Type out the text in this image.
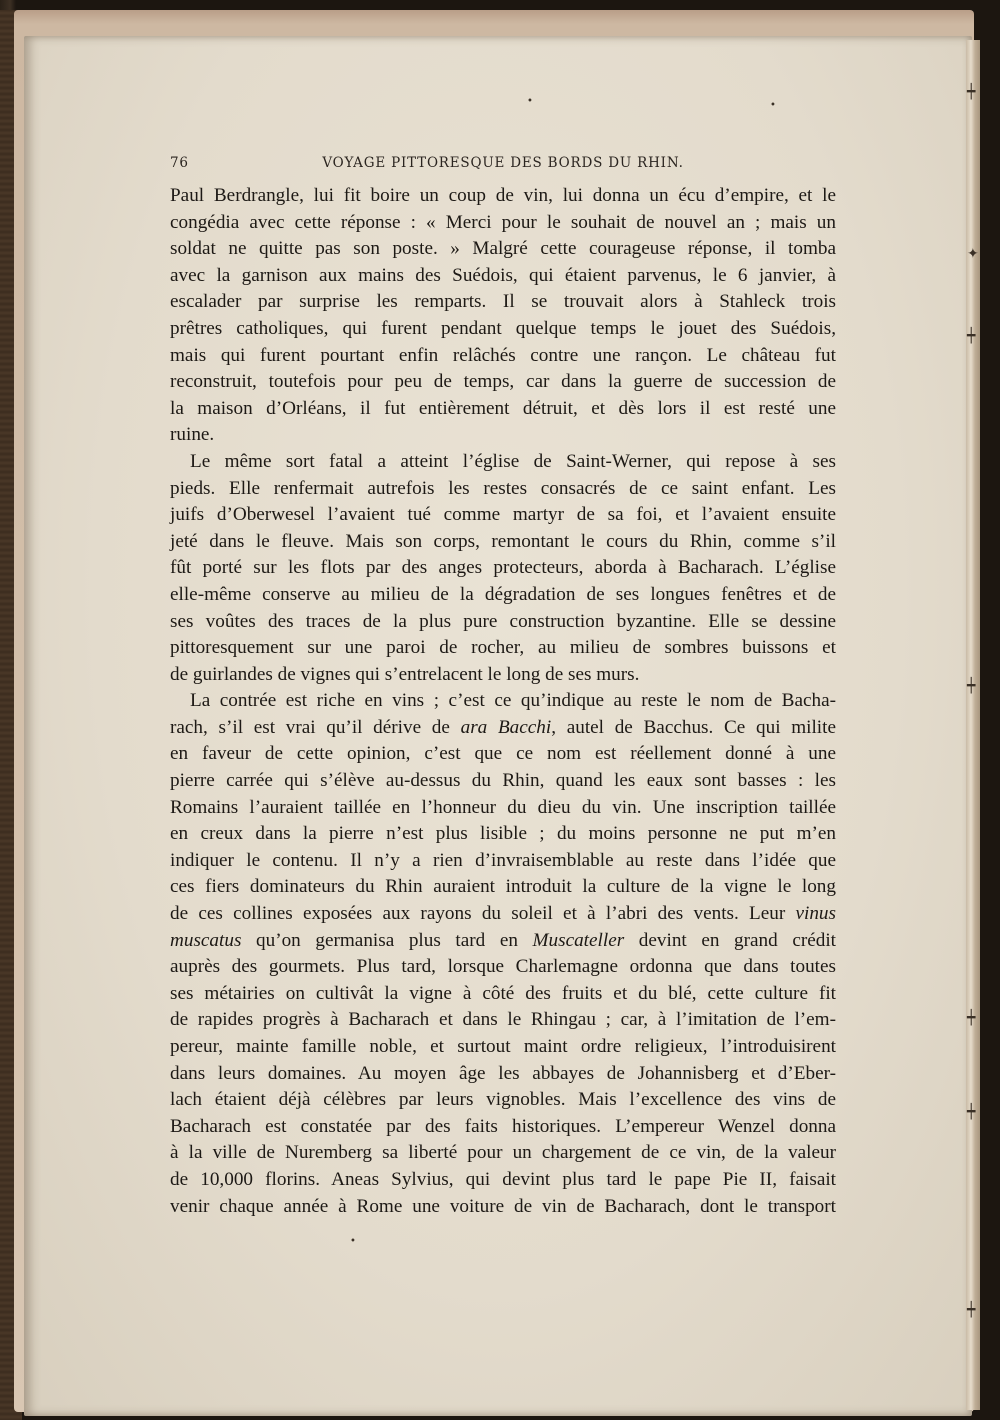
┿
✦
┿
┿
┿
┿
┿
•	•
•
76	VOYAGE PITTORESQUE DES BORDS DU RHIN.
Paul Berdrangle, lui fit boire un coup de vin, lui donna un écu d’empire, et le
congédia avec cette réponse : « Merci pour le souhait de nouvel an ; mais un
soldat ne quitte pas son poste. » Malgré cette courageuse réponse, il tomba
avec la garnison aux mains des Suédois, qui étaient parvenus, le 6 janvier, à
escalader par surprise les remparts. Il se trouvait alors à Stahleck trois
prêtres catholiques, qui furent pendant quelque temps le jouet des Suédois,
mais qui furent pourtant enfin relâchés contre une rançon. Le château fut
reconstruit, toutefois pour peu de temps, car dans la guerre de succession de
la maison d’Orléans, il fut entièrement détruit, et dès lors il est resté une
ruine.
Le même sort fatal a atteint l’église de Saint-Werner, qui repose à ses
pieds. Elle renfermait autrefois les restes consacrés de ce saint enfant. Les
juifs d’Oberwesel l’avaient tué comme martyr de sa foi, et l’avaient ensuite
jeté dans le fleuve. Mais son corps, remontant le cours du Rhin, comme s’il
fût porté sur les flots par des anges protecteurs, aborda à Bacharach. L’église
elle-même conserve au milieu de la dégradation de ses longues fenêtres et de
ses voûtes des traces de la plus pure construction byzantine. Elle se dessine
pittoresquement sur une paroi de rocher, au milieu de sombres buissons et
de guirlandes de vignes qui s’entrelacent le long de ses murs.
La contrée est riche en vins ; c’est ce qu’indique au reste le nom de Bacha-
rach, s’il est vrai qu’il dérive de ara Bacchi, autel de Bacchus. Ce qui milite
en faveur de cette opinion, c’est que ce nom est réellement donné à une
pierre carrée qui s’élève au-dessus du Rhin, quand les eaux sont basses : les
Romains l’auraient taillée en l’honneur du dieu du vin. Une inscription taillée
en creux dans la pierre n’est plus lisible ; du moins personne ne put m’en
indiquer le contenu. Il n’y a rien d’invraisemblable au reste dans l’idée que
ces fiers dominateurs du Rhin auraient introduit la culture de la vigne le long
de ces collines exposées aux rayons du soleil et à l’abri des vents. Leur vinus
muscatus qu’on germanisa plus tard en Muscateller devint en grand crédit
auprès des gourmets. Plus tard, lorsque Charlemagne ordonna que dans toutes
ses métairies on cultivât la vigne à côté des fruits et du blé, cette culture fit
de rapides progrès à Bacharach et dans le Rhingau ; car, à l’imitation de l’em-
pereur, mainte famille noble, et surtout maint ordre religieux, l’introduisirent
dans leurs domaines. Au moyen âge les abbayes de Johannisberg et d’Eber-
lach étaient déjà célèbres par leurs vignobles. Mais l’excellence des vins de
Bacharach est constatée par des faits historiques. L’empereur Wenzel donna
à la ville de Nuremberg sa liberté pour un chargement de ce vin, de la valeur
de 10,000 florins. Aneas Sylvius, qui devint plus tard le pape Pie II, faisait
venir chaque année à Rome une voiture de vin de Bacharach, dont le transport
